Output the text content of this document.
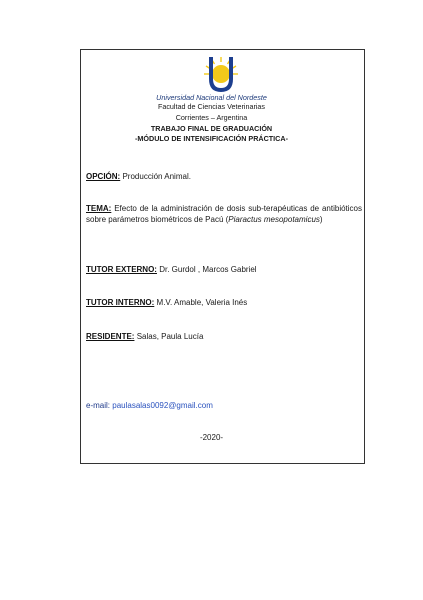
Universidad Nacional del Nordeste
Facultad de Ciencias Veterinarias
Corrientes – Argentina
TRABAJO FINAL DE GRADUACIÓN
-MÓDULO DE INTENSIFICACIÓN PRÁCTICA-
OPCIÓN: Producción Animal.
TEMA: Efecto de la administración de dosis sub-terapéuticas de antibióticos sobre parámetros biométricos de Pacú (Piaractus mesopotamicus)
TUTOR EXTERNO: Dr. Gurdol , Marcos Gabriel
TUTOR INTERNO: M.V. Amable, Valeria Inés
RESIDENTE: Salas, Paula Lucía
e-mail: paulasalas0092@gmail.com
-2020-
